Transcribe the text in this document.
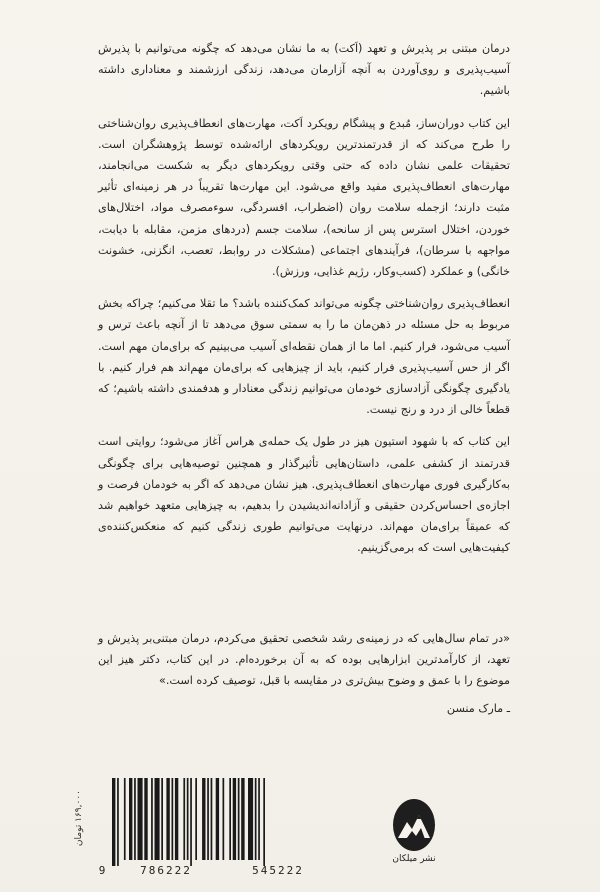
درمان مبتنی بر پذیرش و تعهد (اَکت) به ما نشان می‌دهد که چگونه می‌توانیم با پذیرش آسیب‌پذیری و روی‌آوردن به آنچه آزارمان می‌دهد، زندگی ارزشمند و معناداری داشته باشیم.

این کتاب دوران‌ساز، مُبدع و پیشگام رویکرد اَکت، مهارت‌های انعطاف‌پذیری روان‌شناختی را طرح می‌کند که از قدرتمندترین رویکردهای ارائه‌شده توسط پژوهشگران است. تحقیقات علمی نشان داده که حتی وقتی رویکردهای دیگر به شکست می‌انجامند، مهارت‌های انعطاف‌پذیری مفید واقع می‌شود. این مهارت‌ها تقریباً در هر زمینه‌ای تأثیر مثبت دارند؛ ازجمله سلامت روان (اضطراب، افسردگی، سوءمصرف مواد، اختلال‌های خوردن، اختلال استرس پس از سانحه)، سلامت جسم (دردهای مزمن، مقابله با دیابت، مواجهه با سرطان)، فرآیندهای اجتماعی (مشکلات در روابط، تعصب، انگزنی، خشونت خانگی) و عملکرد (کسب‌وکار، رژیم غذایی، ورزش).

انعطاف‌پذیری روان‌شناختی چگونه می‌تواند کمک‌کننده باشد؟ ما تقلا می‌کنیم؛ چراکه بخش مربوط به حل مسئله در ذهن‌مان ما را به سمتی سوق می‌دهد تا از آنچه باعث ترس و آسیب می‌شود، فرار کنیم. اما ما از همان نقطه‌ای آسیب می‌بینیم که برای‌مان مهم است. اگر از حس آسیب‌پذیری فرار کنیم، باید از چیزهایی که برای‌مان مهم‌اند هم فرار کنیم. با یادگیری چگونگی آزادسازی خودمان می‌توانیم زندگی معنادار و هدفمندی داشته باشیم؛ که قطعاً خالی از درد و رنج نیست.

این کتاب که با شهود استیون هیز در طول یک حمله‌ی هراس آغاز می‌شود؛ روایتی است قدرتمند از کشفی علمی، داستان‌هایی تأثیرگذار و همچنین توصیه‌هایی برای چگونگی به‌کارگیری فوری مهارت‌های انعطاف‌پذیری. هیز نشان می‌دهد که اگر به خودمان فرصت و اجازه‌ی احساس‌کردن حقیقی و آزادانه‌اندیشیدن را بدهیم، به چیزهایی متعهد خواهیم شد که عمیقاً برای‌مان مهم‌اند. درنهایت می‌توانیم طوری زندگی کنیم که منعکس‌کننده‌ی کیفیت‌هایی است که برمی‌گزینیم.

«در تمام سال‌هایی که در زمینه‌ی رشد شخصی تحقیق می‌کردم، درمان مبتنی‌بر پذیرش و تعهد، از کارآمدترین ابزارهایی بوده که به آن برخورده‌ام. در این کتاب، دکتر هیز این موضوع را با عمق و وضوح بیش‌تری در مقایسه با قبل، توصیف کرده است.»

ـ مارک منسن

۱۶۹,۰۰۰ تومان
9	786222	545222
نشر میلکان
